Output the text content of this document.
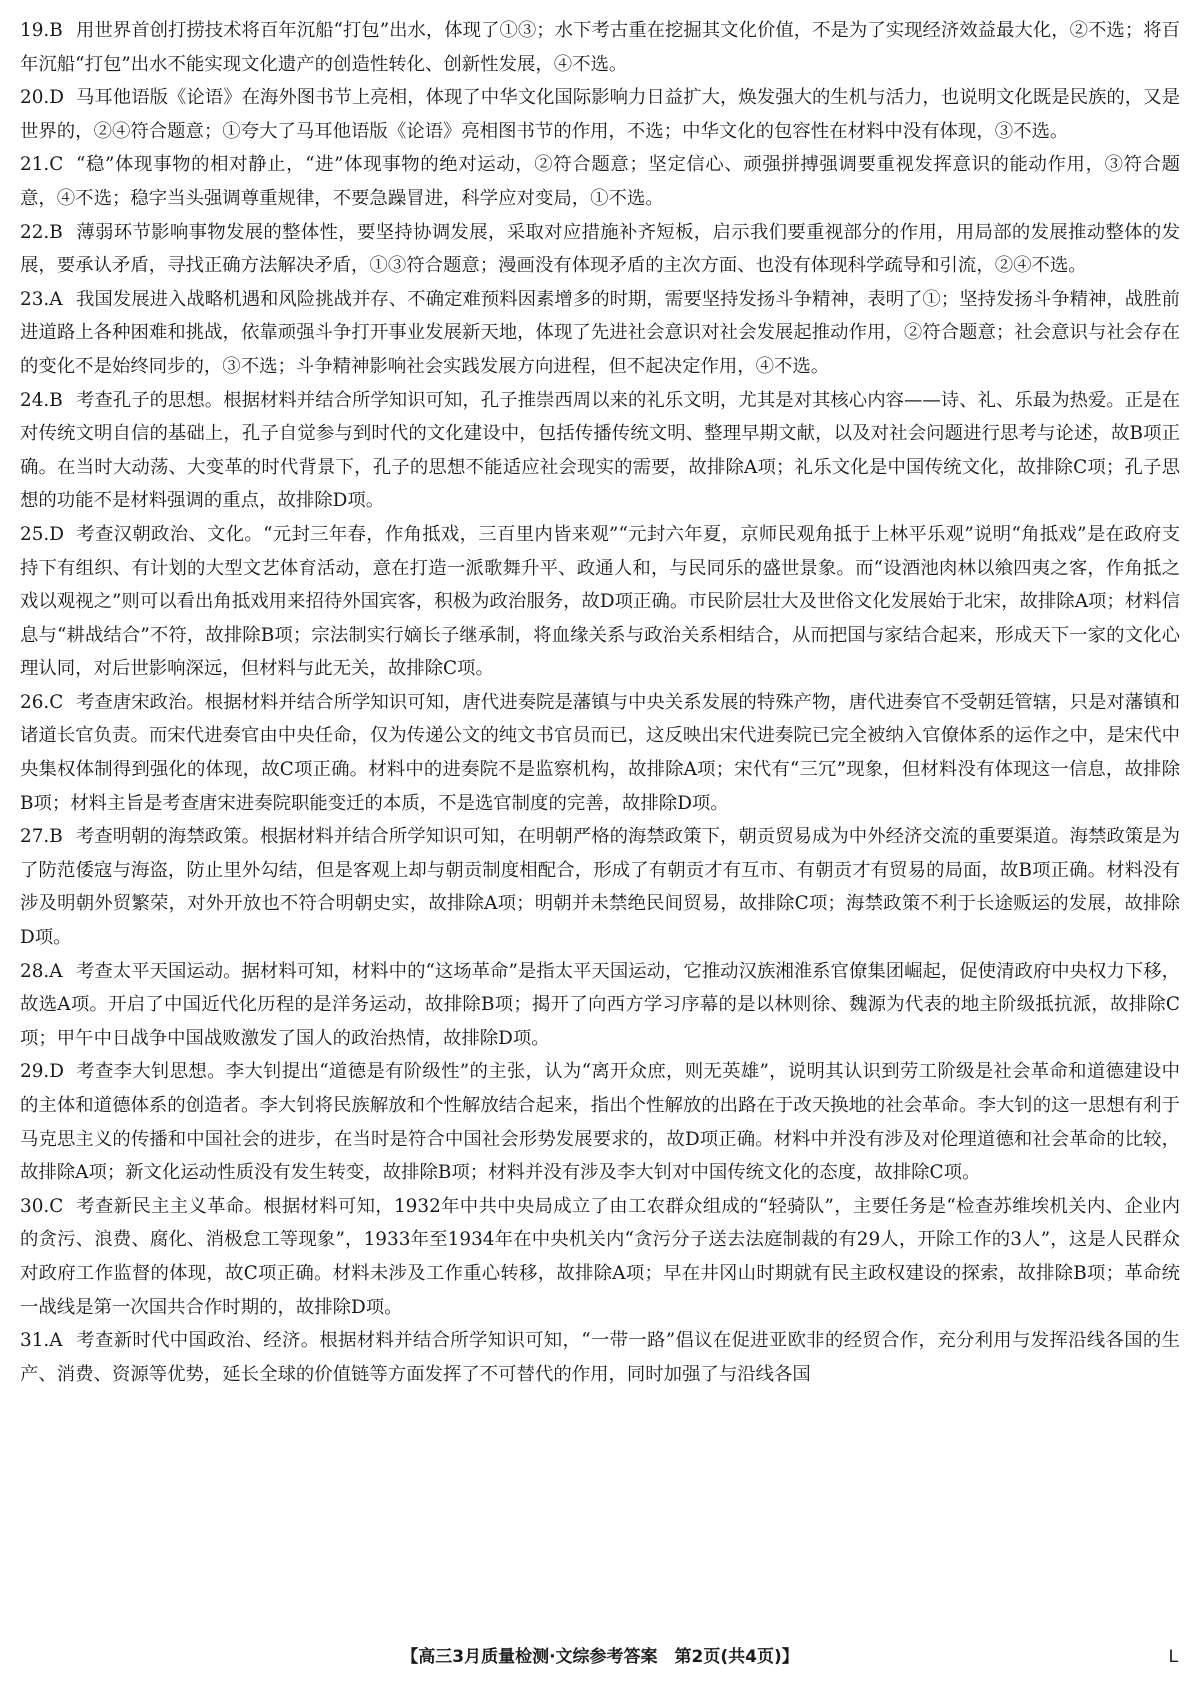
19.B 用世界首创打捞技术将百年沉船“打包”出水，体现了①③；水下考古重在挖掘其文化价值，不是为了实现经济效益最大化，②不选；将百年沉船“打包”出水不能实现文化遗产的创造性转化、创新性发展，④不选。

20.D 马耳他语版《论语》在海外图书节上亮相，体现了中华文化国际影响力日益扩大，焕发强大的生机与活力，也说明文化既是民族的，又是世界的，②④符合题意；①夸大了马耳他语版《论语》亮相图书节的作用，不选；中华文化的包容性在材料中没有体现，③不选。

21.C “稳”体现事物的相对静止，“进”体现事物的绝对运动，②符合题意；坚定信心、顽强拼搏强调要重视发挥意识的能动作用，③符合题意，④不选；稳字当头强调尊重规律，不要急躁冒进，科学应对变局，①不选。

22.B 薄弱环节影响事物发展的整体性，要坚持协调发展，采取对应措施补齐短板，启示我们要重视部分的作用，用局部的发展推动整体的发展，要承认矛盾，寻找正确方法解决矛盾，①③符合题意；漫画没有体现矛盾的主次方面、也没有体现科学疏导和引流，②④不选。

23.A 我国发展进入战略机遇和风险挑战并存、不确定难预料因素增多的时期，需要坚持发扬斗争精神，表明了①；坚持发扬斗争精神，战胜前进道路上各种困难和挑战，依靠顽强斗争打开事业发展新天地，体现了先进社会意识对社会发展起推动作用，②符合题意；社会意识与社会存在的变化不是始终同步的，③不选；斗争精神影响社会实践发展方向进程，但不起决定作用，④不选。

24.B 考查孔子的思想。根据材料并结合所学知识可知，孔子推崇西周以来的礼乐文明，尤其是对其核心内容——诗、礼、乐最为热爱。正是在对传统文明自信的基础上，孔子自觉参与到时代的文化建设中，包括传播传统文明、整理早期文献，以及对社会问题进行思考与论述，故B项正确。在当时大动荡、大变革的时代背景下，孔子的思想不能适应社会现实的需要，故排除A项；礼乐文化是中国传统文化，故排除C项；孔子思想的功能不是材料强调的重点，故排除D项。

25.D 考查汉朝政治、文化。“元封三年春，作角抵戏，三百里内皆来观”“元封六年夏，京师民观角抵于上林平乐观”说明“角抵戏”是在政府支持下有组织、有计划的大型文艺体育活动，意在打造一派歌舞升平、政通人和，与民同乐的盛世景象。而“设酒池肉林以飨四夷之客，作角抵之戏以观视之”则可以看出角抵戏用来招待外国宾客，积极为政治服务，故D项正确。市民阶层壮大及世俗文化发展始于北宋，故排除A项；材料信息与“耕战结合”不符，故排除B项；宗法制实行嫡长子继承制，将血缘关系与政治关系相结合，从而把国与家结合起来，形成天下一家的文化心理认同，对后世影响深远，但材料与此无关，故排除C项。

26.C 考查唐宋政治。根据材料并结合所学知识可知，唐代进奏院是藩镇与中央关系发展的特殊产物，唐代进奏官不受朝廷管辖，只是对藩镇和诸道长官负责。而宋代进奏官由中央任命，仅为传递公文的纯文书官员而已，这反映出宋代进奏院已完全被纳入官僚体系的运作之中，是宋代中央集权体制得到强化的体现，故C项正确。材料中的进奏院不是监察机构，故排除A项；宋代有“三冗”现象，但材料没有体现这一信息，故排除B项；材料主旨是考查唐宋进奏院职能变迁的本质，不是选官制度的完善，故排除D项。

27.B 考查明朝的海禁政策。根据材料并结合所学知识可知，在明朝严格的海禁政策下，朝贡贸易成为中外经济交流的重要渠道。海禁政策是为了防范倭寇与海盗，防止里外勾结，但是客观上却与朝贡制度相配合，形成了有朝贡才有互市、有朝贡才有贸易的局面，故B项正确。材料没有涉及明朝外贸繁荣，对外开放也不符合明朝史实，故排除A项；明朝并未禁绝民间贸易，故排除C项；海禁政策不利于长途贩运的发展，故排除D项。

28.A 考查太平天国运动。据材料可知，材料中的“这场革命”是指太平天国运动，它推动汉族湘淮系官僚集团崛起，促使清政府中央权力下移，故选A项。开启了中国近代化历程的是洋务运动，故排除B项；揭开了向西方学习序幕的是以林则徐、魏源为代表的地主阶级抵抗派，故排除C项；甲午中日战争中国战败激发了国人的政治热情，故排除D项。

29.D 考查李大钊思想。李大钊提出“道德是有阶级性”的主张，认为“离开众庶，则无英雄”，说明其认识到劳工阶级是社会革命和道德建设中的主体和道德体系的创造者。李大钊将民族解放和个性解放结合起来，指出个性解放的出路在于改天换地的社会革命。李大钊的这一思想有利于马克思主义的传播和中国社会的进步，在当时是符合中国社会形势发展要求的，故D项正确。材料中并没有涉及对伦理道德和社会革命的比较，故排除A项；新文化运动性质没有发生转变，故排除B项；材料并没有涉及李大钊对中国传统文化的态度，故排除C项。

30.C 考查新民主主义革命。根据材料可知，1932年中共中央局成立了由工农群众组成的“轻骑队”，主要任务是“检查苏维埃机关内、企业内的贪污、浪费、腐化、消极怠工等现象”，1933年至1934年在中央机关内“贪污分子送去法庭制裁的有29人，开除工作的3人”，这是人民群众对政府工作监督的体现，故C项正确。材料未涉及工作重心转移，故排除A项；早在井冈山时期就有民主政权建设的探索，故排除B项；革命统一战线是第一次国共合作时期的，故排除D项。

31.A 考查新时代中国政治、经济。根据材料并结合所学知识可知，“一带一路”倡议在促进亚欧非的经贸合作，充分利用与发挥沿线各国的生产、消费、资源等优势，延长全球的价值链等方面发挥了不可替代的作用，同时加强了与沿线各国

【高三3月质量检测·文综参考答案　第2页(共4页)】	L
